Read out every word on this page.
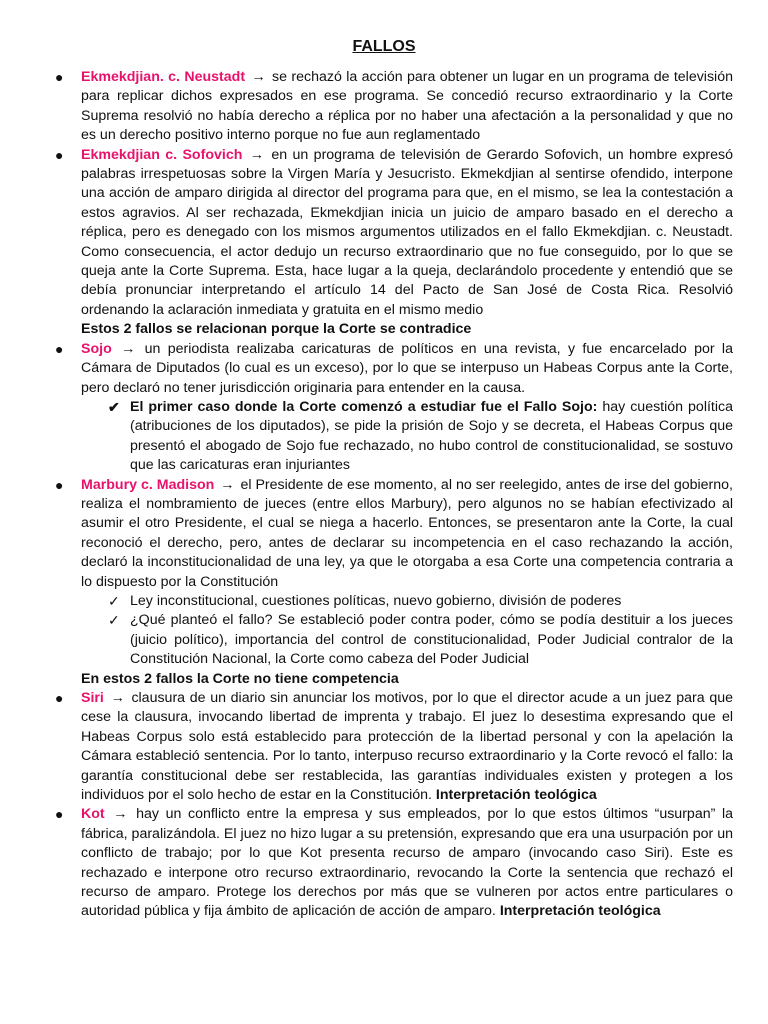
FALLOS
● Ekmekdjian. c. Neustadt → se rechazó la acción para obtener un lugar en un programa de televisión para replicar dichos expresados en ese programa. Se concedió recurso extraordinario y la Corte Suprema resolvió no había derecho a réplica por no haber una afectación a la personalidad y que no es un derecho positivo interno porque no fue aun reglamentado
● Ekmekdjian c. Sofovich → en un programa de televisión de Gerardo Sofovich, un hombre expresó palabras irrespetuosas sobre la Virgen María y Jesucristo. Ekmekdjian al sentirse ofendido, interpone una acción de amparo dirigida al director del programa para que, en el mismo, se lea la contestación a estos agravios. Al ser rechazada, Ekmekdjian inicia un juicio de amparo basado en el derecho a réplica, pero es denegado con los mismos argumentos utilizados en el fallo Ekmekdjian. c. Neustadt. Como consecuencia, el actor dedujo un recurso extraordinario que no fue conseguido, por lo que se queja ante la Corte Suprema. Esta, hace lugar a la queja, declarándolo procedente y entendió que se debía pronunciar interpretando el artículo 14 del Pacto de San José de Costa Rica. Resolvió ordenando la aclaración inmediata y gratuita en el mismo medio
Estos 2 fallos se relacionan porque la Corte se contradice
● Sojo → un periodista realizaba caricaturas de políticos en una revista, y fue encarcelado por la Cámara de Diputados (lo cual es un exceso), por lo que se interpuso un Habeas Corpus ante la Corte, pero declaró no tener jurisdicción originaria para entender en la causa.
✔ El primer caso donde la Corte comenzó a estudiar fue el Fallo Sojo: hay cuestión política (atribuciones de los diputados), se pide la prisión de Sojo y se decreta, el Habeas Corpus que presentó el abogado de Sojo fue rechazado, no hubo control de constitucionalidad, se sostuvo que las caricaturas eran injuriantes
● Marbury c. Madison → el Presidente de ese momento, al no ser reelegido, antes de irse del gobierno, realiza el nombramiento de jueces (entre ellos Marbury), pero algunos no se habían efectivizado al asumir el otro Presidente, el cual se niega a hacerlo. Entonces, se presentaron ante la Corte, la cual reconoció el derecho, pero, antes de declarar su incompetencia en el caso rechazando la acción, declaró la inconstitucionalidad de una ley, ya que le otorgaba a esa Corte una competencia contraria a lo dispuesto por la Constitución
✓ Ley inconstitucional, cuestiones políticas, nuevo gobierno, división de poderes
✓ ¿Qué planteó el fallo? Se estableció poder contra poder, cómo se podía destituir a los jueces (juicio político), importancia del control de constitucionalidad, Poder Judicial contralor de la Constitución Nacional, la Corte como cabeza del Poder Judicial
En estos 2 fallos la Corte no tiene competencia
● Siri → clausura de un diario sin anunciar los motivos, por lo que el director acude a un juez para que cese la clausura, invocando libertad de imprenta y trabajo. El juez lo desestima expresando que el Habeas Corpus solo está establecido para protección de la libertad personal y con la apelación la Cámara estableció sentencia. Por lo tanto, interpuso recurso extraordinario y la Corte revocó el fallo: la garantía constitucional debe ser restablecida, las garantías individuales existen y protegen a los individuos por el solo hecho de estar en la Constitución. Interpretación teológica
● Kot → hay un conflicto entre la empresa y sus empleados, por lo que estos últimos “usurpan” la fábrica, paralizándola. El juez no hizo lugar a su pretensión, expresando que era una usurpación por un conflicto de trabajo; por lo que Kot presenta recurso de amparo (invocando caso Siri). Este es rechazado e interpone otro recurso extraordinario, revocando la Corte la sentencia que rechazó el recurso de amparo. Protege los derechos por más que se vulneren por actos entre particulares o autoridad pública y fija ámbito de aplicación de acción de amparo. Interpretación teológica
